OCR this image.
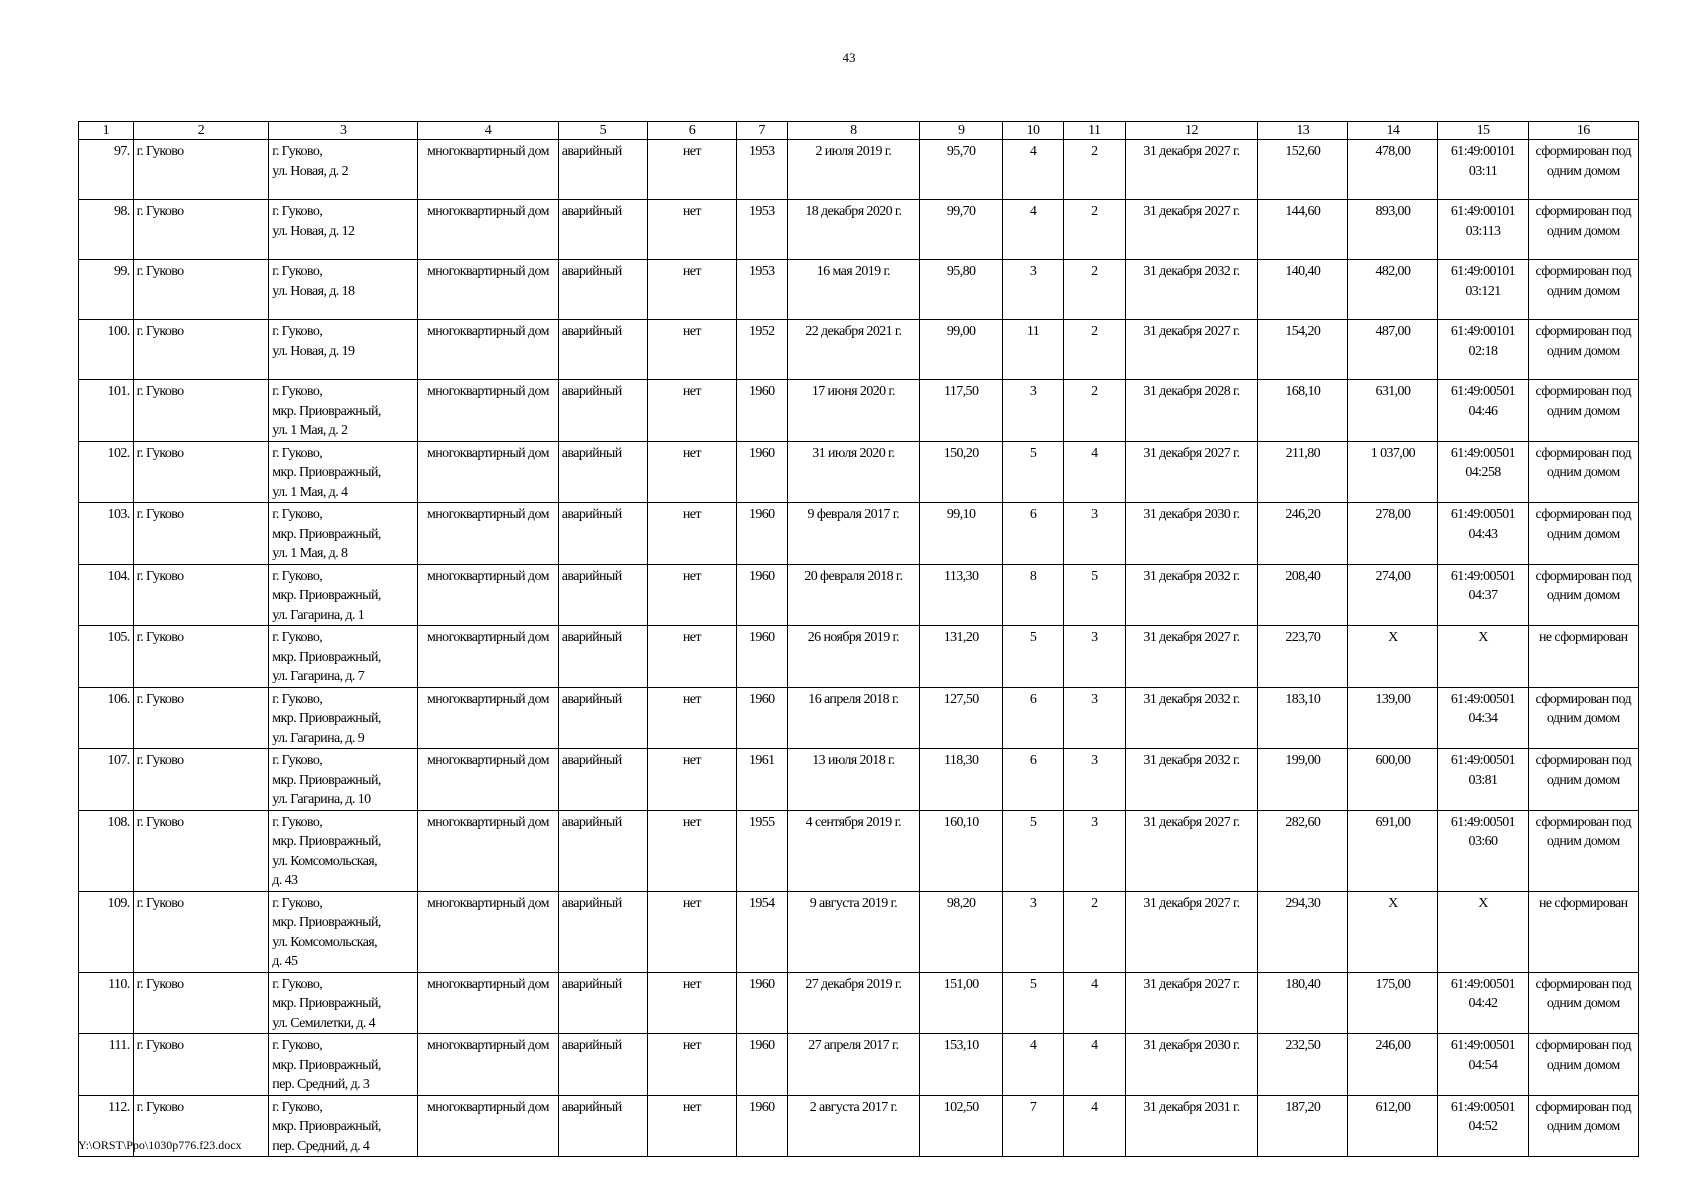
43
1	2	3	4	5	6	7	8	9	10	11	12	13	14	15	16
97.	г. Гуково	г. Гуково,
ул. Новая, д. 2	многоквартирный дом	аварийный	нет	1953	2 июля 2019 г.	95,70	4	2	31 декабря 2027 г.	152,60	478,00	61:49:00101 03:11	сформирован под одним домом
98.	г. Гуково	г. Гуково,
ул. Новая, д. 12	многоквартирный дом	аварийный	нет	1953	18 декабря 2020 г.	99,70	4	2	31 декабря 2027 г.	144,60	893,00	61:49:00101 03:113	сформирован под одним домом
99.	г. Гуково	г. Гуково,
ул. Новая, д. 18	многоквартирный дом	аварийный	нет	1953	16 мая 2019 г.	95,80	3	2	31 декабря 2032 г.	140,40	482,00	61:49:00101 03:121	сформирован под одним домом
100.	г. Гуково	г. Гуково,
ул. Новая, д. 19	многоквартирный дом	аварийный	нет	1952	22 декабря 2021 г.	99,00	11	2	31 декабря 2027 г.	154,20	487,00	61:49:00101 02:18	сформирован под одним домом
101.	г. Гуково	г. Гуково,
мкр. Приовражный,
ул. 1 Мая, д. 2	многоквартирный дом	аварийный	нет	1960	17 июня 2020 г.	117,50	3	2	31 декабря 2028 г.	168,10	631,00	61:49:00501 04:46	сформирован под одним домом
102.	г. Гуково	г. Гуково,
мкр. Приовражный,
ул. 1 Мая, д. 4	многоквартирный дом	аварийный	нет	1960	31 июля 2020 г.	150,20	5	4	31 декабря 2027 г.	211,80	1 037,00	61:49:00501 04:258	сформирован под одним домом
103.	г. Гуково	г. Гуково,
мкр. Приовражный,
ул. 1 Мая, д. 8	многоквартирный дом	аварийный	нет	1960	9 февраля 2017 г.	99,10	6	3	31 декабря 2030 г.	246,20	278,00	61:49:00501 04:43	сформирован под одним домом
104.	г. Гуково	г. Гуково,
мкр. Приовражный,
ул. Гагарина, д. 1	многоквартирный дом	аварийный	нет	1960	20 февраля 2018 г.	113,30	8	5	31 декабря 2032 г.	208,40	274,00	61:49:00501 04:37	сформирован под одним домом
105.	г. Гуково	г. Гуково,
мкр. Приовражный,
ул. Гагарина, д. 7	многоквартирный дом	аварийный	нет	1960	26 ноября 2019 г.	131,20	5	3	31 декабря 2027 г.	223,70	X	X	не сформирован
106.	г. Гуково	г. Гуково,
мкр. Приовражный,
ул. Гагарина, д. 9	многоквартирный дом	аварийный	нет	1960	16 апреля 2018 г.	127,50	6	3	31 декабря 2032 г.	183,10	139,00	61:49:00501 04:34	сформирован под одним домом
107.	г. Гуково	г. Гуково,
мкр. Приовражный,
ул. Гагарина, д. 10	многоквартирный дом	аварийный	нет	1961	13 июля 2018 г.	118,30	6	3	31 декабря 2032 г.	199,00	600,00	61:49:00501 03:81	сформирован под одним домом
108.	г. Гуково	г. Гуково,
мкр. Приовражный,
ул. Комсомольская,
д. 43	многоквартирный дом	аварийный	нет	1955	4 сентября 2019 г.	160,10	5	3	31 декабря 2027 г.	282,60	691,00	61:49:00501 03:60	сформирован под одним домом
109.	г. Гуково	г. Гуково,
мкр. Приовражный,
ул. Комсомольская,
д. 45	многоквартирный дом	аварийный	нет	1954	9 августа 2019 г.	98,20	3	2	31 декабря 2027 г.	294,30	X	X	не сформирован
110.	г. Гуково	г. Гуково,
мкр. Приовражный,
ул. Семилетки, д. 4	многоквартирный дом	аварийный	нет	1960	27 декабря 2019 г.	151,00	5	4	31 декабря 2027 г.	180,40	175,00	61:49:00501 04:42	сформирован под одним домом
111.	г. Гуково	г. Гуково,
мкр. Приовражный,
пер. Средний, д. 3	многоквартирный дом	аварийный	нет	1960	27 апреля 2017 г.	153,10	4	4	31 декабря 2030 г.	232,50	246,00	61:49:00501 04:54	сформирован под одним домом
112.	г. Гуково	г. Гуково,
мкр. Приовражный,
пер. Средний, д. 4	многоквартирный дом	аварийный	нет	1960	2 августа 2017 г.	102,50	7	4	31 декабря 2031 г.	187,20	612,00	61:49:00501 04:52	сформирован под одним домом
Y:\ORST\Ppo\1030p776.f23.docx
